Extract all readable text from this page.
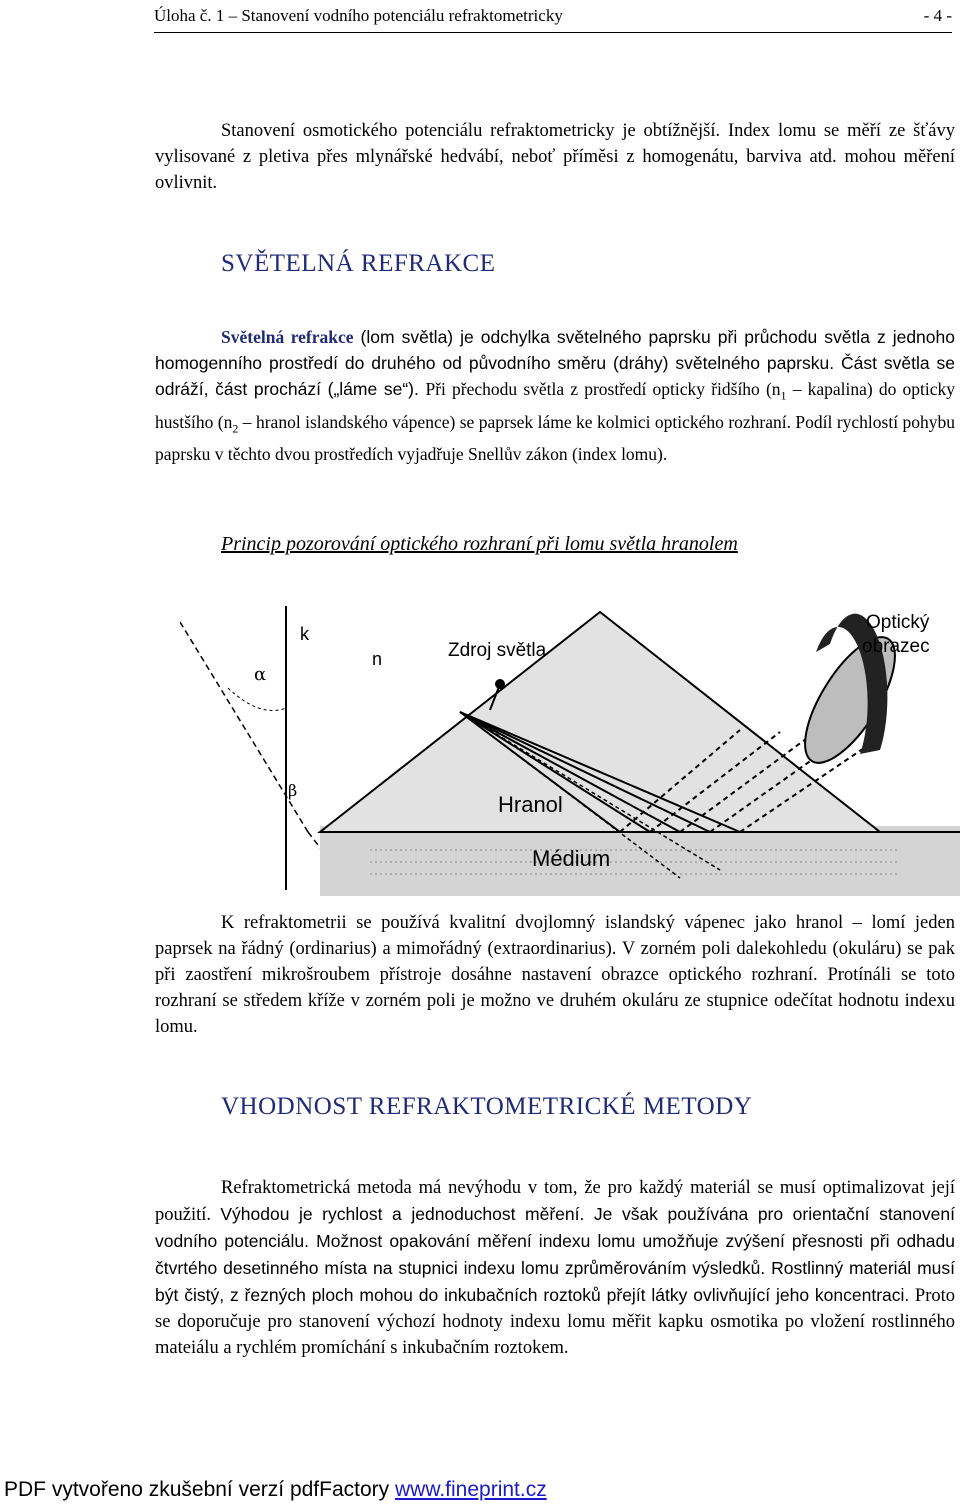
Úloha č. 1 – Stanovení vodního potenciálu refraktometricky	- 4 -
Stanovení osmotického potenciálu refraktometricky je obtížnější. Index lomu se měří ze šťávy vylisované z pletiva přes mlynářské hedvábí, neboť příměsi z homogenátu, barviva atd. mohou měření ovlivnit.
SVĚTELNÁ REFRAKCE
Světelná refrakce (lom světla) je odchylka světelného paprsku při průchodu světla z jednoho homogenního prostředí do druhého od původního směru (dráhy) světelného paprsku. Část světla se odráží, část prochází („láme se“). Při přechodu světla z prostředí opticky řidšího ($n_1$ – kapalina) do opticky hustšího ($n_2$ – hranol islandského vápence) se paprsek láme ke kolmici optického rozhraní. Podíl rychlostí pohybu paprsku v těchto dvou prostředích vyjadřuje Snellův zákon (index lomu).
Princip pozorování optického rozhraní při lomu světla hranolem
k
α
β
n	Zdroj světla
Optický
obrazec
Hranol
Médium
K refraktometrii se používá kvalitní dvojlomný islandský vápenec jako hranol – lomí jeden paprsek na řádný (ordinarius) a mimořádný (extraordinarius). V zorném poli dalekohledu (okuláru) se pak při zaostření mikrošroubem přístroje dosáhne nastavení obrazce optického rozhraní. Protínáli se toto rozhraní se středem kříže v zorném poli je možno ve druhém okuláru ze stupnice odečítat hodnotu indexu lomu.
VHODNOST REFRAKTOMETRICKÉ METODY
Refraktometrická metoda má nevýhodu v tom, že pro každý materiál se musí optimalizovat její použití. Výhodou je rychlost a jednoduchost měření. Je však používána pro orientační stanovení vodního potenciálu. Možnost opakování měření indexu lomu umožňuje zvýšení přesnosti při odhadu čtvrtého desetinného místa na stupnici indexu lomu zprůměrováním výsledků. Rostlinný materiál musí být čistý, z řezných ploch mohou do inkubačních roztoků přejít látky ovlivňující jeho koncentraci. Proto se doporučuje pro stanovení výchozí hodnoty indexu lomu měřit kapku osmotika po vložení rostlinného mateiálu a rychlém promíchání s inkubačním roztokem.
PDF vytvořeno zkušební verzí pdfFactory www.fineprint.cz
